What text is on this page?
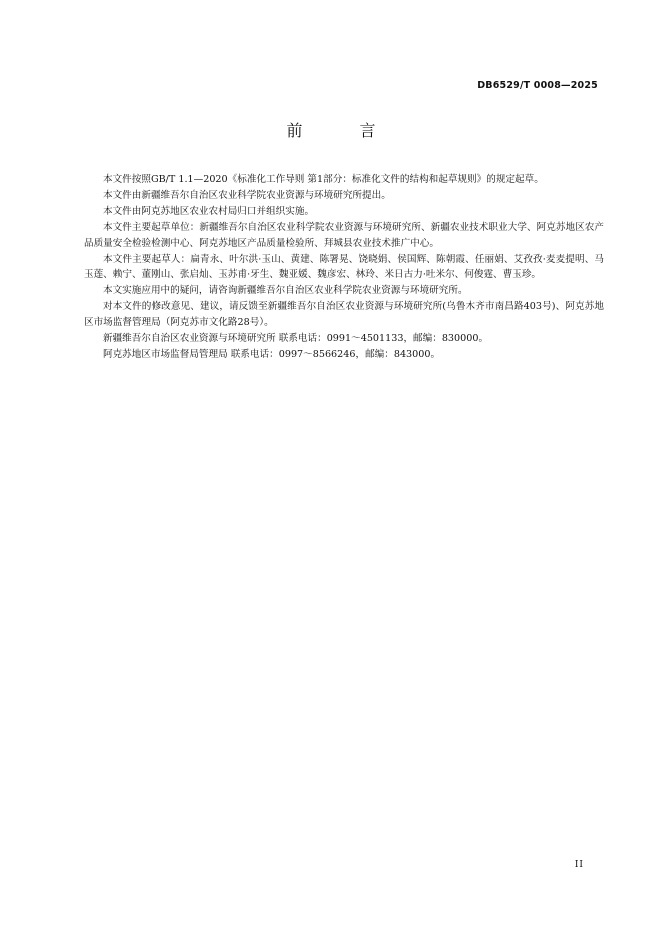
DB6529/T 0008—2025
前 言

本文件按照GB/T 1.1—2020《标准化工作导则 第1部分：标准化文件的结构和起草规则》的规定起草。

本文件由新疆维吾尔自治区农业科学院农业资源与环境研究所提出。

本文件由阿克苏地区农业农村局归口并组织实施。

本文件主要起草单位：新疆维吾尔自治区农业科学院农业资源与环境研究所、新疆农业技术职业大学、阿克苏地区农产品质量安全检验检测中心、阿克苏地区产品质量检验所、拜城县农业技术推广中心。

本文件主要起草人：扁青永、叶尔洪·玉山、黄建、陈署晃、饶晓娟、侯国辉、陈朝霞、任丽娟、艾孜孜·麦麦提明、马玉莲、赖宁、董刚山、张启灿、玉苏甫·牙生、魏亚媛、魏彦宏、林玲、米日古力·吐米尔、何俊霆、曹玉珍。

本文实施应用中的疑问，请咨询新疆维吾尔自治区农业科学院农业资源与环境研究所。

对本文件的修改意见、建议，请反馈至新疆维吾尔自治区农业资源与环境研究所(乌鲁木齐市南昌路403号)、阿克苏地区市场监督管理局（阿克苏市文化路28号）。

新疆维吾尔自治区农业资源与环境研究所 联系电话：0991～4501133，邮编：830000。

阿克苏地区市场监督局管理局 联系电话：0997～8566246，邮编：843000。

II
